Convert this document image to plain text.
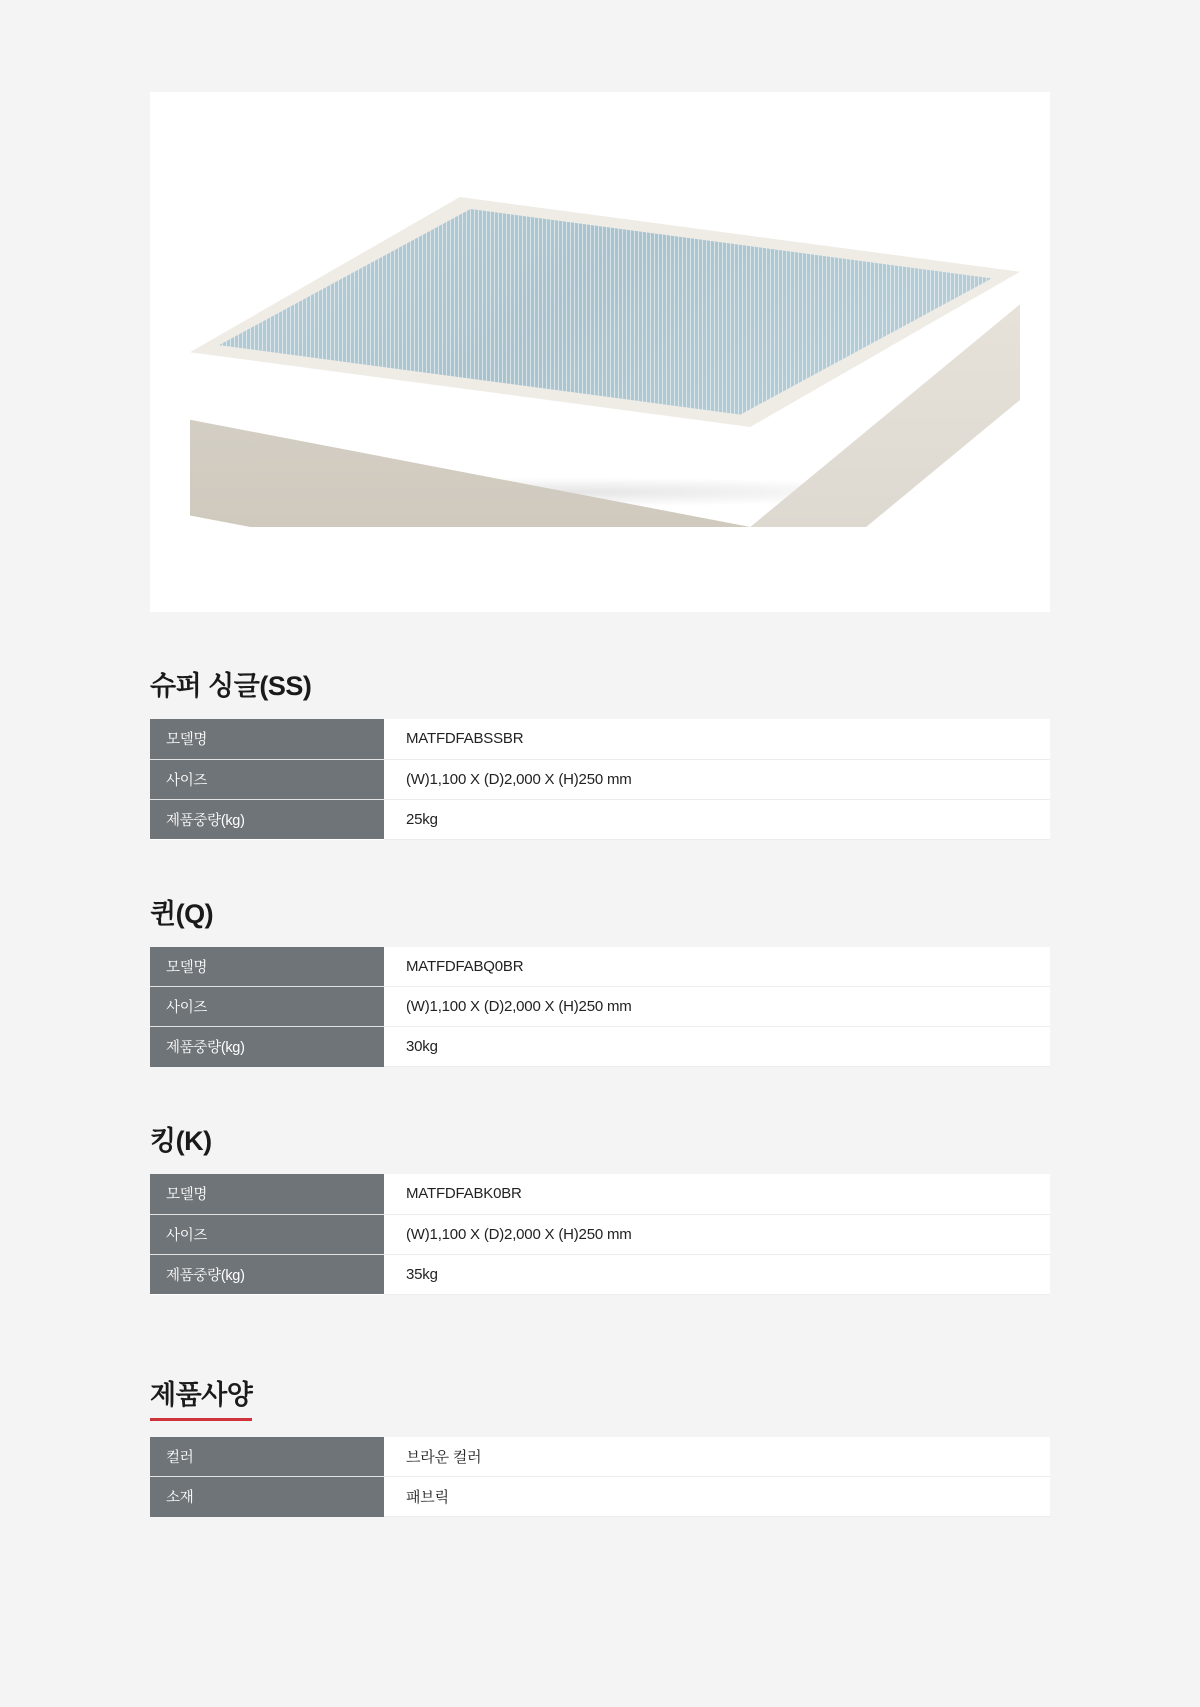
슈퍼 싱글(SS)
모델명	MATFDFABSSBR
사이즈	(W)1,100 X (D)2,000 X (H)250 mm
제품중량(kg)	25kg
퀸(Q)
모델명	MATFDFABQ0BR
사이즈	(W)1,100 X (D)2,000 X (H)250 mm
제품중량(kg)	30kg
킹(K)
모델명	MATFDFABK0BR
사이즈	(W)1,100 X (D)2,000 X (H)250 mm
제품중량(kg)	35kg
제품사양
컬러	브라운 컬러
소재	패브릭
